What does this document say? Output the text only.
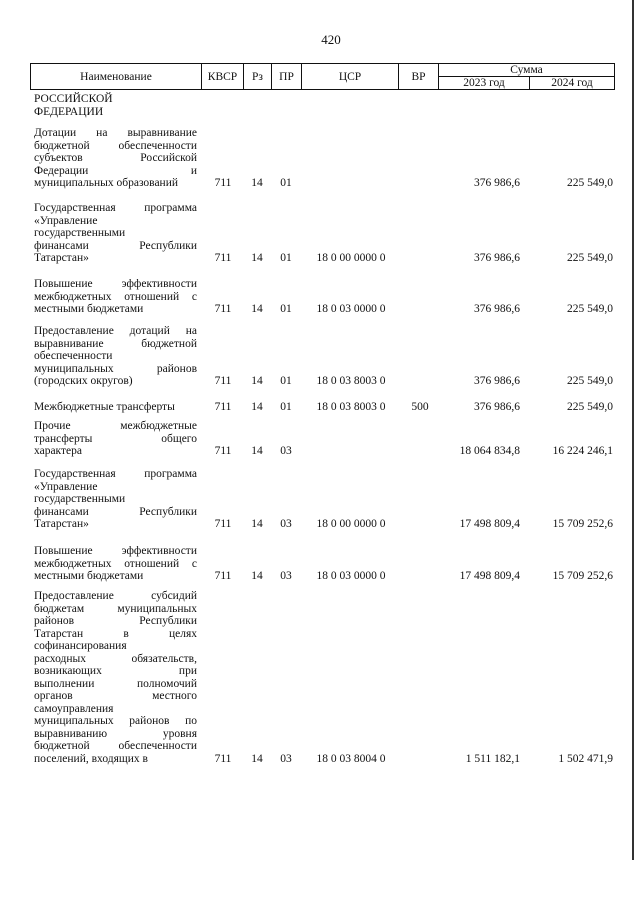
420
Наименование	КВСР	Рз	ПР	ЦСР	ВР
Сумма
2023 год	2024 год
РОССИЙСКОЙ
ФЕДЕРАЦИИ
Дотации на выравнивание
бюджетной обеспеченности
субъектов Российской
Федерации и
муниципальных образований	711 14 01	376 986,6	225 549,0
Государственная программа
«Управление
государственными
финансами Республики
Татарстан»	711 14 01	18 0 00 0000 0	376 986,6	225 549,0
Повышение эффективности
межбюджетных отношений с
местными бюджетами	711 14 01	18 0 03 0000 0	376 986,6	225 549,0
Предоставление дотаций на
выравнивание бюджетной
обеспеченности
муниципальных районов
(городских округов)	711 14 01	18 0 03 8003 0	376 986,6	225 549,0
Межбюджетные трансферты	711 14 01	18 0 03 8003 0	500	376 986,6	225 549,0
Прочие межбюджетные
трансферты общего
характера	711 14 03	18 064 834,8	16 224 246,1
Государственная программа
«Управление
государственными
финансами Республики
Татарстан»	711 14 03	18 0 00 0000 0	17 498 809,4	15 709 252,6
Повышение эффективности
межбюджетных отношений с
местными бюджетами	711 14 03	18 0 03 0000 0	17 498 809,4	15 709 252,6
Предоставление субсидий
бюджетам муниципальных
районов Республики
Татарстан в целях
софинансирования
расходных обязательств,
возникающих при
выполнении полномочий
органов местного
самоуправления
муниципальных районов по
выравниванию уровня
бюджетной обеспеченности
поселений, входящих в	711 14 03	18 0 03 8004 0	1 511 182,1	1 502 471,9
